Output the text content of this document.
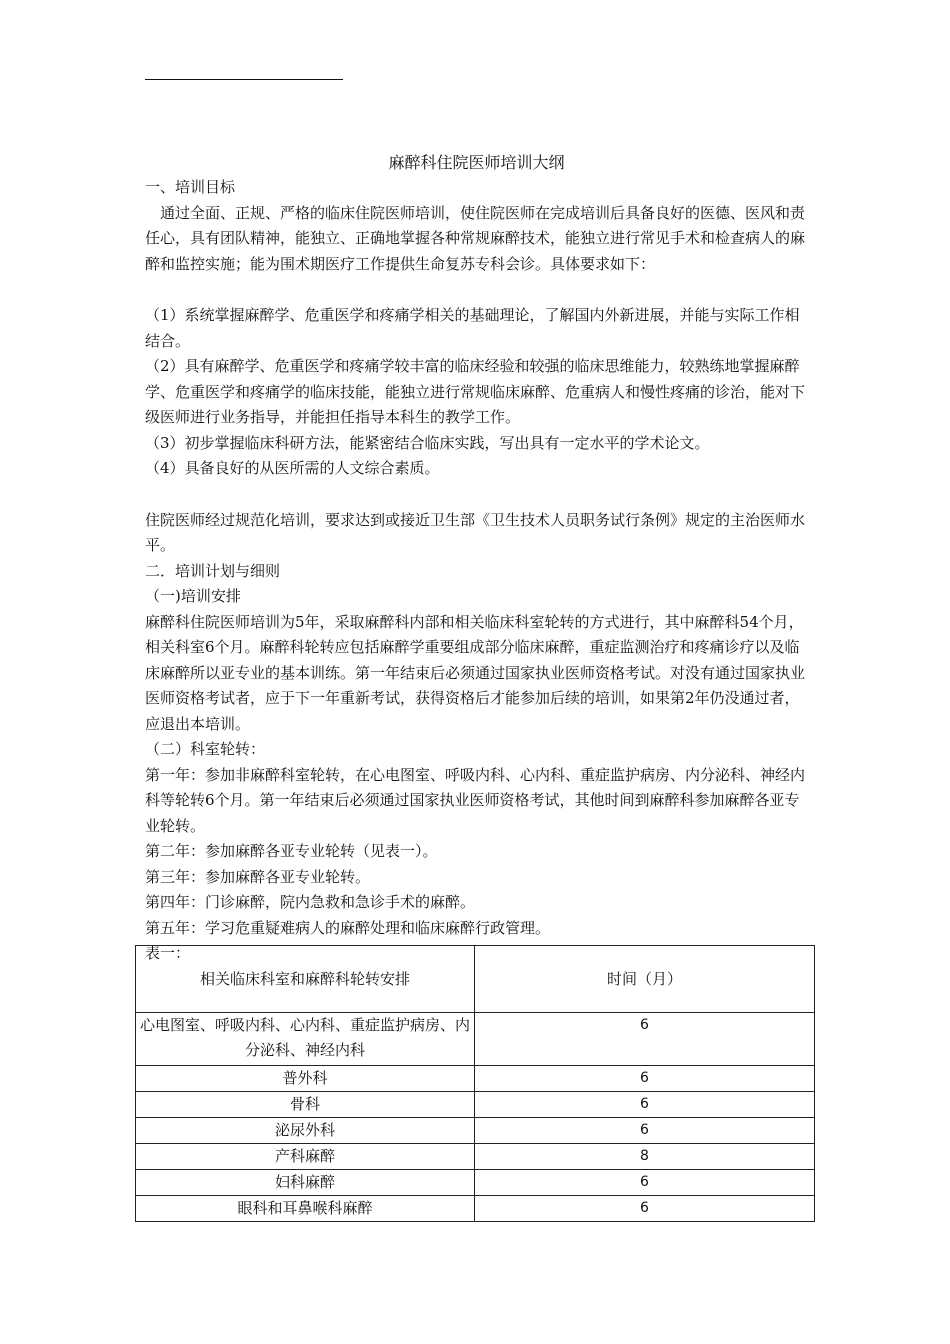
麻醉科住院医师培训大纲

一、培训目标

　通过全面、正规、严格的临床住院医师培训，使住院医师在完成培训后具备良好的医德、医风和责任心，具有团队精神，能独立、正确地掌握各种常规麻醉技术，能独立进行常见手术和检查病人的麻醉和监控实施；能为围术期医疗工作提供生命复苏专科会诊。具体要求如下：

（1）系统掌握麻醉学、危重医学和疼痛学相关的基础理论，了解国内外新进展，并能与实际工作相结合。

（2）具有麻醉学、危重医学和疼痛学较丰富的临床经验和较强的临床思维能力，较熟练地掌握麻醉学、危重医学和疼痛学的临床技能，能独立进行常规临床麻醉、危重病人和慢性疼痛的诊治，能对下级医师进行业务指导，并能担任指导本科生的教学工作。

（3）初步掌握临床科研方法，能紧密结合临床实践，写出具有一定水平的学术论文。

（4）具备良好的从医所需的人文综合素质。

住院医师经过规范化培训，要求达到或接近卫生部《卫生技术人员职务试行条例》规定的主治医师水平。

二．培训计划与细则

（一)培训安排

麻醉科住院医师培训为5年，采取麻醉科内部和相关临床科室轮转的方式进行，其中麻醉科54个月，相关科室6个月。麻醉科轮转应包括麻醉学重要组成部分临床麻醉，重症监测治疗和疼痛诊疗以及临床麻醉所以亚专业的基本训练。第一年结束后必须通过国家执业医师资格考试。对没有通过国家执业医师资格考试者，应于下一年重新考试，获得资格后才能参加后续的培训，如果第2年仍没通过者，应退出本培训。

（二）科室轮转：

第一年：参加非麻醉科室轮转，在心电图室、呼吸内科、心内科、重症监护病房、内分泌科、神经内科等轮转6个月。第一年结束后必须通过国家执业医师资格考试，其他时间到麻醉科参加麻醉各亚专业轮转。

第二年：参加麻醉各亚专业轮转（见表一）。

第三年：参加麻醉各亚专业轮转。

第四年：门诊麻醉，院内急救和急诊手术的麻醉。

第五年：学习危重疑难病人的麻醉处理和临床麻醉行政管理。

表一：

相关临床科室和麻醉科轮转安排	时间（月）
心电图室、呼吸内科、心内科、重症监护病房、内分泌科、神经内科	6
普外科	6
骨科	6
泌尿外科	6
产科麻醉	8
妇科麻醉	6
眼科和耳鼻喉科麻醉	6
